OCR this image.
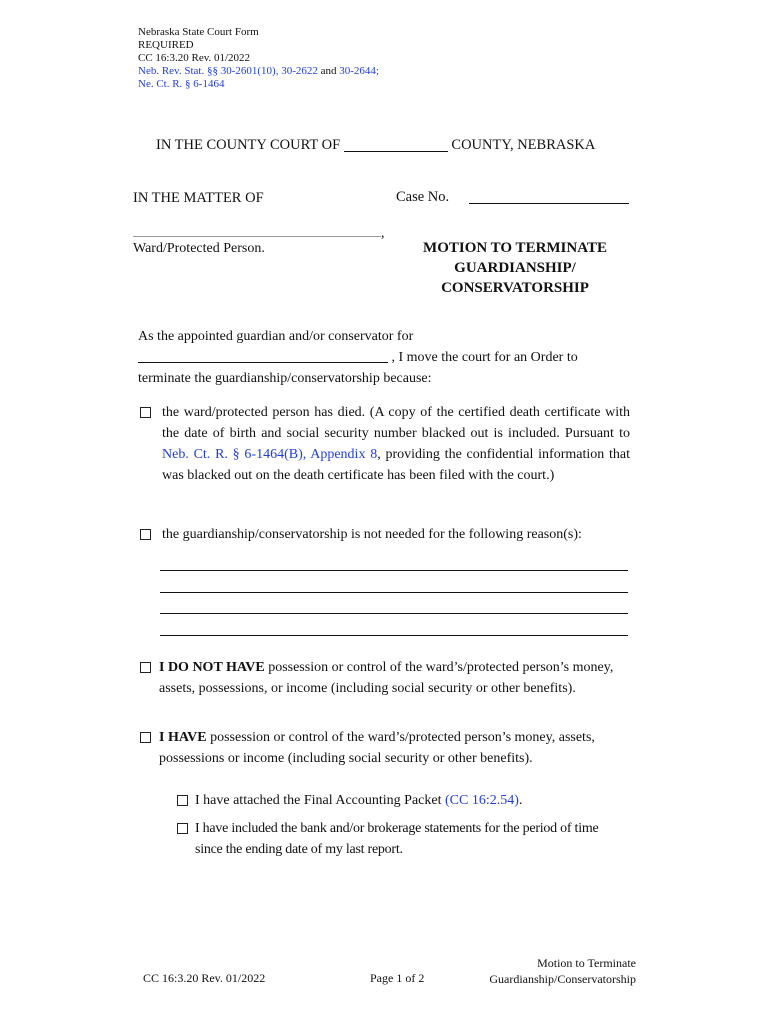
Nebraska State Court Form
REQUIRED
CC 16:3.20 Rev. 01/2022
Neb. Rev. Stat. §§ 30-2601(10), 30-2622 and 30-2644;
Ne. Ct. R. § 6-1464
IN THE COUNTY COURT OF	COUNTY, NEBRASKA
IN THE MATTER OF	Case No.
,
Ward/Protected Person.	MOTION TO TERMINATE
GUARDIANSHIP/
CONSERVATORSHIP
As the appointed guardian and/or conservator for
, I move the court for an Order to
terminate the guardianship/conservatorship because:
the ward/protected person has died. (A copy of the certified death certificate with the date of birth and social security number blacked out is included. Pursuant to Neb. Ct. R. § 6-1464(B), Appendix 8, providing the confidential information that was blacked out on the death certificate has been filed with the court.)
the guardianship/conservatorship is not needed for the following reason(s):
I DO NOT HAVE possession or control of the ward’s/protected person’s money, assets, possessions, or income (including social security or other benefits).
I HAVE possession or control of the ward’s/protected person’s money, assets, possessions or income (including social security or other benefits).
I have attached the Final Accounting Packet (CC 16:2.54).
I have included the bank and/or brokerage statements for the period of time
since the ending date of my last report.
CC 16:3.20 Rev. 01/2022	Page 1 of 2
Motion to Terminate
Guardianship/Conservatorship
